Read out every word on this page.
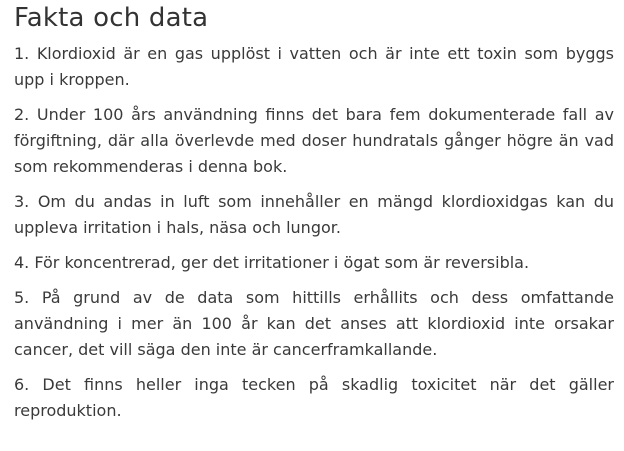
Fakta och data

1. Klordioxid är en gas upplöst i vatten och är inte ett toxin som byggs upp i kroppen.

2. Under 100 års användning finns det bara fem dokumenterade fall av förgiftning, där alla överlevde med doser hundratals gånger högre än vad som rekommenderas i denna bok.

3. Om du andas in luft som innehåller en mängd klordioxidgas kan du uppleva irritation i hals, näsa och lungor.

4. För koncentrerad, ger det irritationer i ögat som är reversibla.

5. På grund av de data som hittills erhållits och dess omfattande användning i mer än 100 år kan det anses att klordioxid inte orsakar cancer, det vill säga den inte är cancerframkallande.

6. Det finns heller inga tecken på skadlig toxicitet när det gäller reproduktion.
